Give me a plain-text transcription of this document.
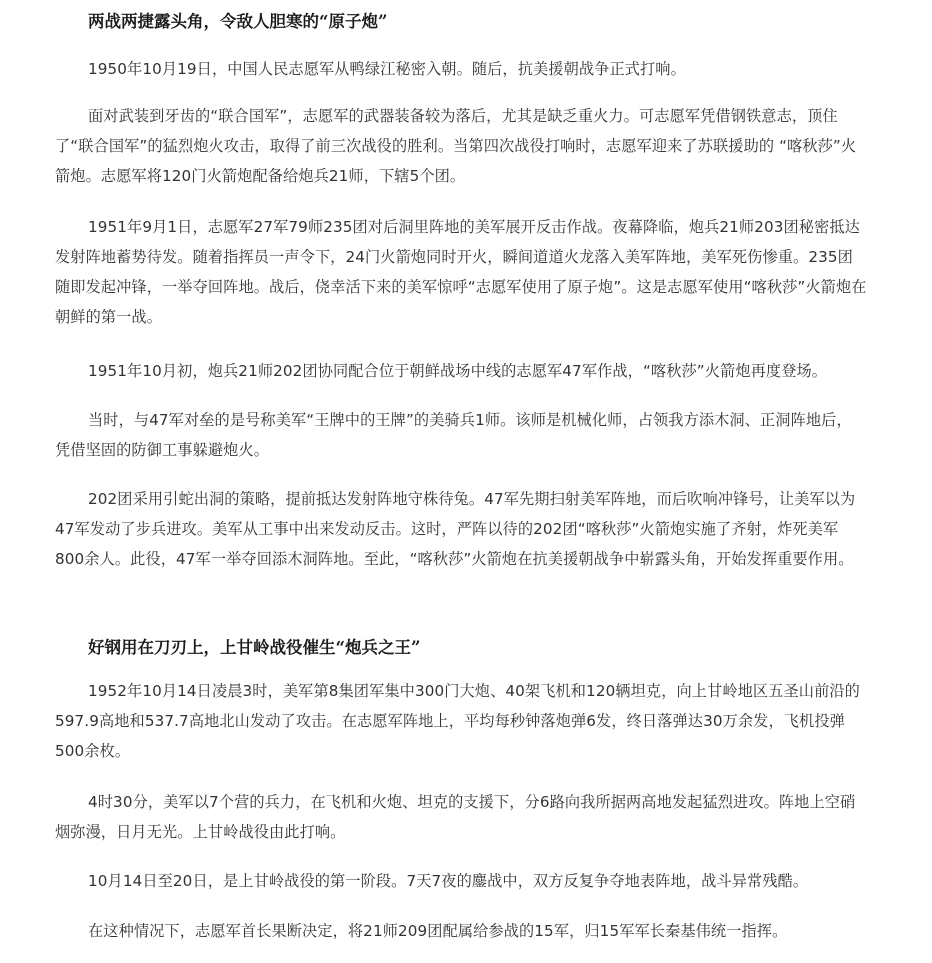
两战两捷露头角，令敌人胆寒的“原子炮”

1950年10月19日，中国人民志愿军从鸭绿江秘密入朝。随后，抗美援朝战争正式打响。

面对武装到牙齿的“联合国军”，志愿军的武器装备较为落后，尤其是缺乏重火力。可志愿军凭借钢铁意志，顶住了“联合国军”的猛烈炮火攻击，取得了前三次战役的胜利。当第四次战役打响时，志愿军迎来了苏联援助的 “喀秋莎”火箭炮。志愿军将120门火箭炮配备给炮兵21师，下辖5个团。

1951年9月1日，志愿军27军79师235团对后洞里阵地的美军展开反击作战。夜幕降临，炮兵21师203团秘密抵达发射阵地蓄势待发。随着指挥员一声令下，24门火箭炮同时开火，瞬间道道火龙落入美军阵地，美军死伤惨重。235团随即发起冲锋，一举夺回阵地。战后，侥幸活下来的美军惊呼“志愿军使用了原子炮”。这是志愿军使用“喀秋莎”火箭炮在朝鲜的第一战。

1951年10月初，炮兵21师202团协同配合位于朝鲜战场中线的志愿军47军作战，“喀秋莎”火箭炮再度登场。

当时，与47军对垒的是号称美军“王牌中的王牌”的美骑兵1师。该师是机械化师，占领我方添木洞、正洞阵地后，凭借坚固的防御工事躲避炮火。

202团采用引蛇出洞的策略，提前抵达发射阵地守株待兔。47军先期扫射美军阵地，而后吹响冲锋号，让美军以为47军发动了步兵进攻。美军从工事中出来发动反击。这时，严阵以待的202团“喀秋莎”火箭炮实施了齐射，炸死美军800余人。此役，47军一举夺回添木洞阵地。至此，“喀秋莎”火箭炮在抗美援朝战争中崭露头角，开始发挥重要作用。

好钢用在刀刃上，上甘岭战役催生“炮兵之王”

1952年10月14日凌晨3时，美军第8集团军集中300门大炮、40架飞机和120辆坦克，向上甘岭地区五圣山前沿的597.9高地和537.7高地北山发动了攻击。在志愿军阵地上，平均每秒钟落炮弹6发，终日落弹达30万余发，飞机投弹500余枚。

4时30分，美军以7个营的兵力，在飞机和火炮、坦克的支援下，分6路向我所据两高地发起猛烈进攻。阵地上空硝烟弥漫，日月无光。上甘岭战役由此打响。

10月14日至20日，是上甘岭战役的第一阶段。7天7夜的鏖战中，双方反复争夺地表阵地，战斗异常残酷。

在这种情况下，志愿军首长果断决定，将21师209团配属给参战的15军，归15军军长秦基伟统一指挥。
